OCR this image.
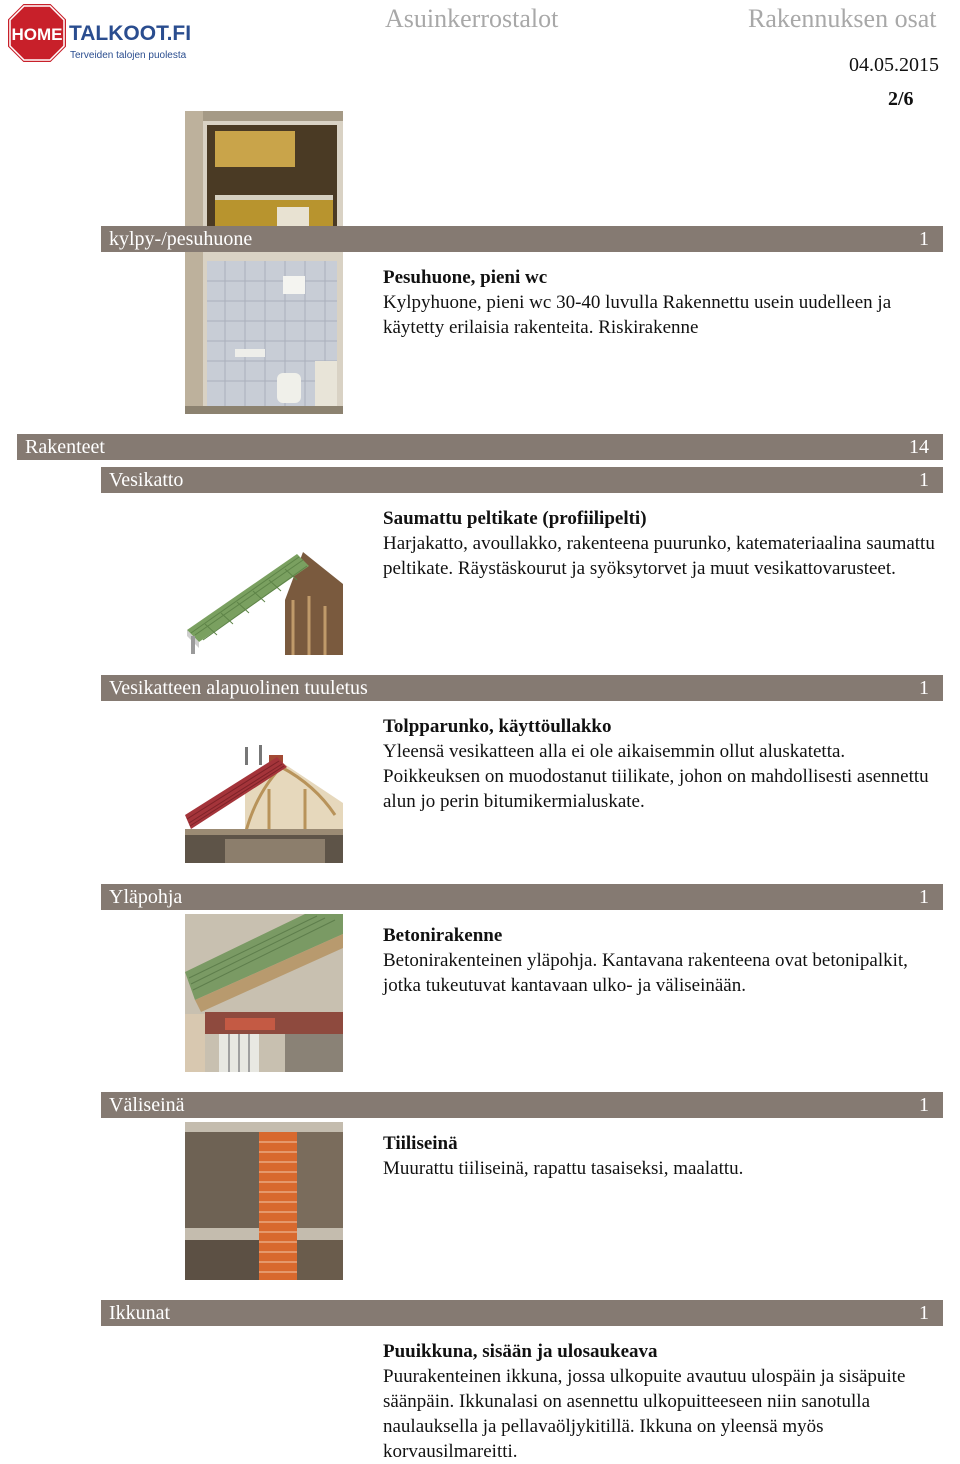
HOME TALKOOT.FI
Terveiden talojen puolesta
Asuinkerrostalot	Rakennuksen osat
04.05.2015
2/6
kylpy-/pesuhuone	1
Pesuhuone, pieni wc
Kylpyhuone, pieni wc 30-40 luvulla Rakennettu usein uudelleen ja käytetty erilaisia rakenteita. Riskirakenne
Rakenteet	14
Vesikatto	1
Saumattu peltikate (profiilipelti)
Harjakatto, avoullakko, rakenteena puurunko, katemateriaalina saumattu peltikate. Räystäskourut ja syöksytorvet ja muut vesikattovarusteet.
Vesikatteen alapuolinen tuuletus	1
Tolpparunko, käyttöullakko
Yleensä vesikatteen alla ei ole aikaisemmin ollut aluskatetta. Poikkeuksen on muodostanut tiilikate, johon on mahdollisesti asennettu alun jo perin bitumikermialuskate.
Yläpohja	1
Betonirakenne
Betonirakenteinen yläpohja. Kantavana rakenteena ovat betonipalkit, jotka tukeutuvat kantavaan ulko- ja väliseinään.
Väliseinä	1
Tiiliseinä
Muurattu tiiliseinä, rapattu tasaiseksi, maalattu.
Ikkunat	1
Puuikkuna, sisään ja ulosaukeava
Puurakenteinen ikkuna, jossa ulkopuite avautuu ulospäin ja sisäpuite säänpäin. Ikkunalasi on asennettu ulkopuitteeseen niin sanotulla naulauksella ja pellavaöljykitillä. Ikkuna on yleensä myös korvausilmareitti.
